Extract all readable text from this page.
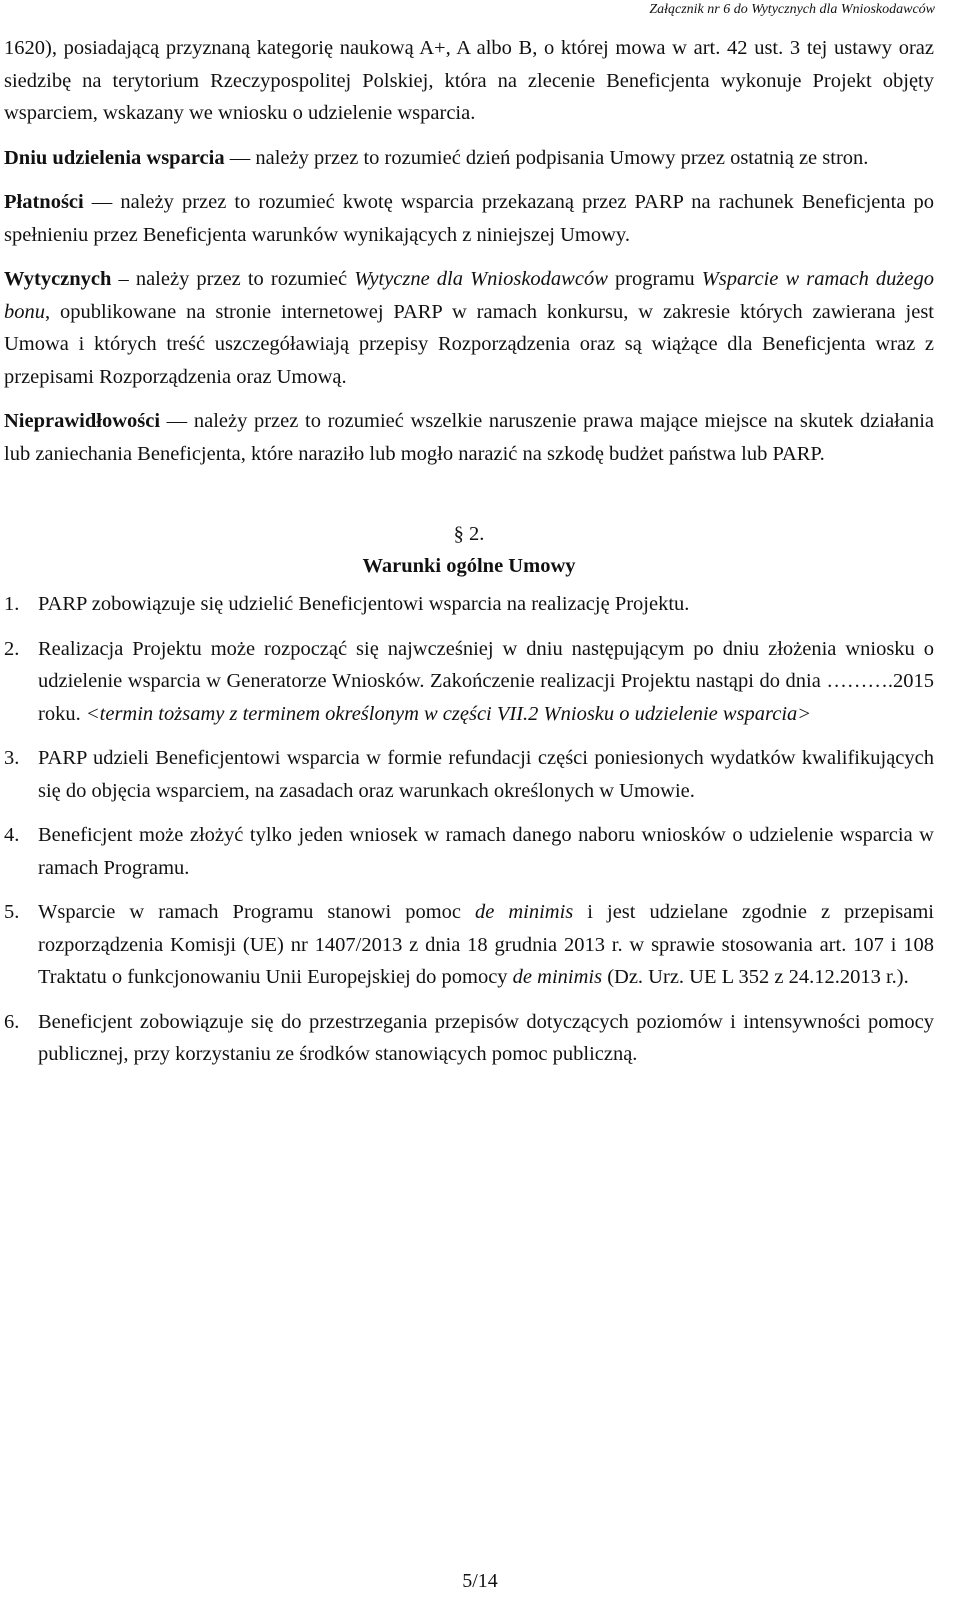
Załącznik nr 6 do Wytycznych dla Wnioskodawców

1620), posiadającą przyznaną kategorię naukową A+, A albo B, o której mowa w art. 42 ust. 3 tej ustawy oraz siedzibę na terytorium Rzeczypospolitej Polskiej, która na zlecenie Beneficjenta wykonuje Projekt objęty wsparciem, wskazany we wniosku o udzielenie wsparcia.

Dniu udzielenia wsparcia — należy przez to rozumieć dzień podpisania Umowy przez ostatnią ze stron.

Płatności — należy przez to rozumieć kwotę wsparcia przekazaną przez PARP na rachunek Beneficjenta po spełnieniu przez Beneficjenta warunków wynikających z niniejszej Umowy.

Wytycznych – należy przez to rozumieć Wytyczne dla Wnioskodawców programu Wsparcie w ramach dużego bonu, opublikowane na stronie internetowej PARP w ramach konkursu, w zakresie których zawierana jest Umowa i których treść uszczegóławiają przepisy Rozporządzenia oraz są wiążące dla Beneficjenta wraz z przepisami Rozporządzenia oraz Umową.

Nieprawidłowości — należy przez to rozumieć wszelkie naruszenie prawa mające miejsce na skutek działania lub zaniechania Beneficjenta, które naraziło lub mogło narazić na szkodę budżet państwa lub PARP.

§ 2.
Warunki ogólne Umowy
1. PARP zobowiązuje się udzielić Beneficjentowi wsparcia na realizację Projektu.
2. Realizacja Projektu może rozpocząć się najwcześniej w dniu następującym po dniu złożenia wniosku o udzielenie wsparcia w Generatorze Wniosków. Zakończenie realizacji Projektu nastąpi do dnia ……….2015 roku. <termin tożsamy z terminem określonym w części VII.2 Wniosku o udzielenie wsparcia>
3. PARP udzieli Beneficjentowi wsparcia w formie refundacji części poniesionych wydatków kwalifikujących się do objęcia wsparciem, na zasadach oraz warunkach określonych w Umowie.
4. Beneficjent może złożyć tylko jeden wniosek w ramach danego naboru wniosków o udzielenie wsparcia w ramach Programu.
5. Wsparcie w ramach Programu stanowi pomoc de minimis i jest udzielane zgodnie z przepisami rozporządzenia Komisji (UE) nr 1407/2013 z dnia 18 grudnia 2013 r. w sprawie stosowania art. 107 i 108 Traktatu o funkcjonowaniu Unii Europejskiej do pomocy de minimis (Dz. Urz. UE L 352 z 24.12.2013 r.).
6. Beneficjent zobowiązuje się do przestrzegania przepisów dotyczących poziomów i intensywności pomocy publicznej, przy korzystaniu ze środków stanowiących pomoc publiczną.
5/14
